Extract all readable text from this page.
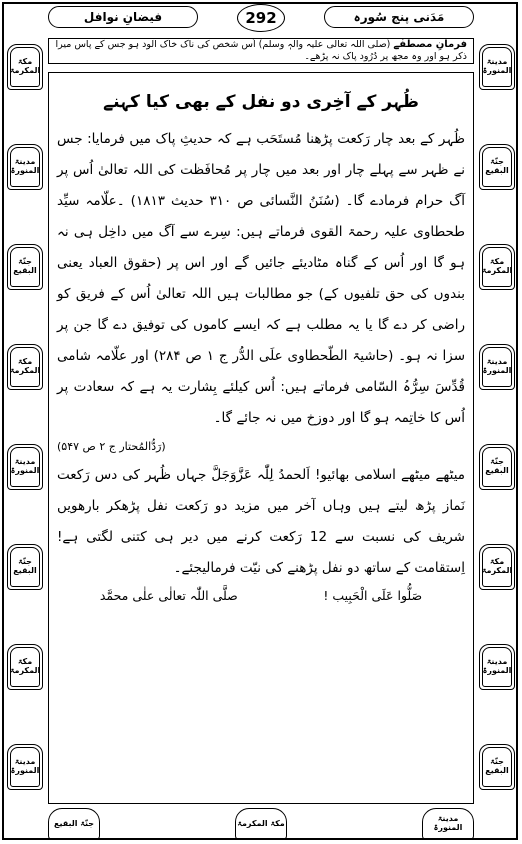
فیضانِ نوافل	292	مَدَنی پنج سُورہ
مکۃ المکرمۃ
مدینۃ المنورۃ
جنّۃ البقیع
مکۃ المکرمۃ
مدینۃ المنورۃ
جنّۃ البقیع
مکۃ المکرمۃ
مدینۃ المنورۃ
مدینۃ المنورۃ
جنّۃ البقیع
مکۃ المکرمۃ
مدینۃ المنورۃ
جنّۃ البقیع
مکۃ المکرمۃ
مدینۃ المنورۃ
جنّۃ البقیع
فرمانِ مصطفٰے (صلی اللہ تعالی علیہ والہٖ وسلم) اُس شخص کی ناک خاک آلود ہو جس کے پاس میرا ذکر ہو اور وہ مجھ پر دُرُود پاک نہ پڑھے۔
ظُہر کے آخِری دو نفل کے بھی کیا کہنے

ظُہر کے بعد چار رَکعت پڑھنا مُستَحَب ہے کہ حدیثِ پاک میں فرمایا: جس نے ظہر سے پہلے چار اور بعد میں چار پر مُحافَظت کی اللہ تعالیٰ اُس پر آگ حرام فرمادے گا۔ (سُنَنُ النَّسائی ص ۳۱۰ حدیث ۱۸۱۳) ۔علّامہ سیِّد طحطاوی علیہ رحمۃ القوی فرماتے ہیں: سِرے سے آگ میں داخِل ہی نہ ہو گا اور اُس کے گناہ مٹادیئے جائیں گے اور اس پر (حقوق العباد یعنی بندوں کی حق تلفیوں کے) جو مطالبات ہیں اللہ تعالیٰ اُس کے فریق کو راضی کر دے گا یا یہ مطلب ہے کہ ایسے کاموں کی توفیق دے گا جن پر سزا نہ ہو۔ (حاشیۃ الطّحطاوی علَی الدُّر ج ۱ ص ۲۸۴) اور علّامہ شامی قُدِّسَ سِرُّہُ السّامی فرماتے ہیں: اُس کیلئے بِشارت یہ ہے کہ سعادت پر اُس کا خاتِمہ ہو گا اور دوزخ میں نہ جائے گا۔

(رَدُّالمُحتار ج ۲ ص ۵۴۷)

میٹھے میٹھے اسلامی بھائیو! اَلحمدُ لِلّٰہ عَزَّوَجَلَّ جہاں ظُہر کی دس رَکعت نَماز پڑھ لیتے ہیں وہاں آخر میں مزید دو رَکعت نفل پڑھکر بارھویں شریف کی نسبت سے 12 رَکعت کرنے میں دیر ہی کتنی لگتی ہے! اِستقامت کے ساتھ دو نفل پڑھنے کی نیّت فرمالیجئے۔

صَلُّوا عَلَی الْحَبِیب !
صلَّی اللّٰہ تعالٰی علٰی محمَّد
جنّۃ البقیع	مکۃ المکرمۃ	مدینۃ المنورۃ
